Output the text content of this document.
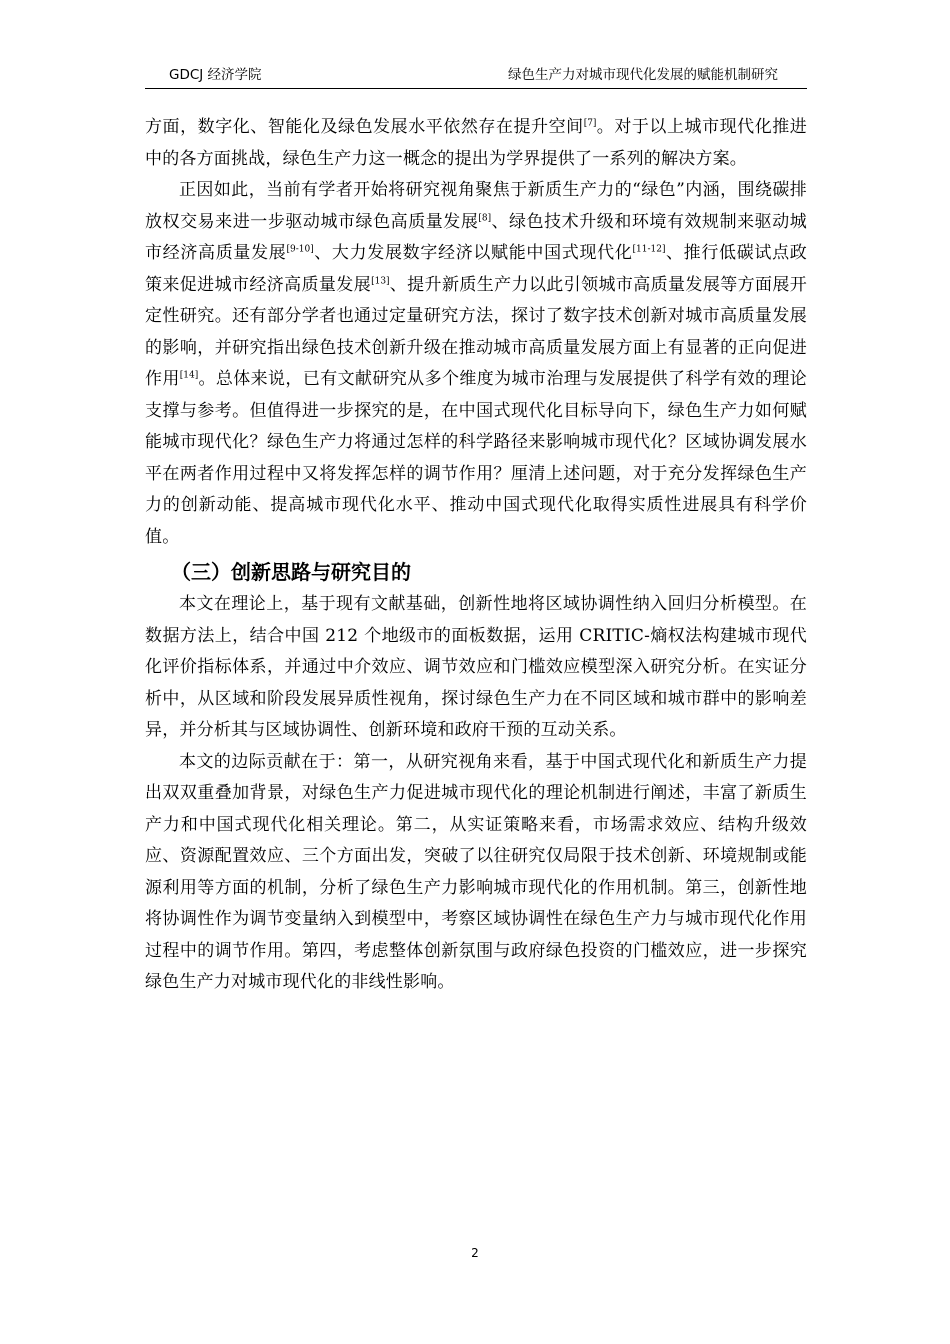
GDCJ 经济学院	绿色生产力对城市现代化发展的赋能机制研究

方面，数字化、智能化及绿色发展水平依然存在提升空间[7]。对于以上城市现代化推进中的各方面挑战，绿色生产力这一概念的提出为学界提供了一系列的解决方案。

正因如此，当前有学者开始将研究视角聚焦于新质生产力的“绿色”内涵，围绕碳排放权交易来进一步驱动城市绿色高质量发展[8]、绿色技术升级和环境有效规制来驱动城市经济高质量发展[9-10]、大力发展数字经济以赋能中国式现代化[11-12]、推行低碳试点政策来促进城市经济高质量发展[13]、提升新质生产力以此引领城市高质量发展等方面展开定性研究。还有部分学者也通过定量研究方法，探讨了数字技术创新对城市高质量发展的影响，并研究指出绿色技术创新升级在推动城市高质量发展方面上有显著的正向促进作用[14]。总体来说，已有文献研究从多个维度为城市治理与发展提供了科学有效的理论支撑与参考。但值得进一步探究的是，在中国式现代化目标导向下，绿色生产力如何赋能城市现代化？绿色生产力将通过怎样的科学路径来影响城市现代化？区域协调发展水平在两者作用过程中又将发挥怎样的调节作用？厘清上述问题，对于充分发挥绿色生产力的创新动能、提高城市现代化水平、推动中国式现代化取得实质性进展具有科学价值。

（三）创新思路与研究目的

本文在理论上，基于现有文献基础，创新性地将区域协调性纳入回归分析模型。在数据方法上，结合中国 212 个地级市的面板数据，运用 CRITIC-熵权法构建城市现代化评价指标体系，并通过中介效应、调节效应和门槛效应模型深入研究分析。在实证分析中，从区域和阶段发展异质性视角，探讨绿色生产力在不同区域和城市群中的影响差异，并分析其与区域协调性、创新环境和政府干预的互动关系。

本文的边际贡献在于：第一，从研究视角来看，基于中国式现代化和新质生产力提出双双重叠加背景，对绿色生产力促进城市现代化的理论机制进行阐述，丰富了新质生产力和中国式现代化相关理论。第二，从实证策略来看，市场需求效应、结构升级效应、资源配置效应、三个方面出发，突破了以往研究仅局限于技术创新、环境规制或能源利用等方面的机制，分析了绿色生产力影响城市现代化的作用机制。第三，创新性地将协调性作为调节变量纳入到模型中，考察区域协调性在绿色生产力与城市现代化作用过程中的调节作用。第四，考虑整体创新氛围与政府绿色投资的门槛效应，进一步探究绿色生产力对城市现代化的非线性影响。

2
